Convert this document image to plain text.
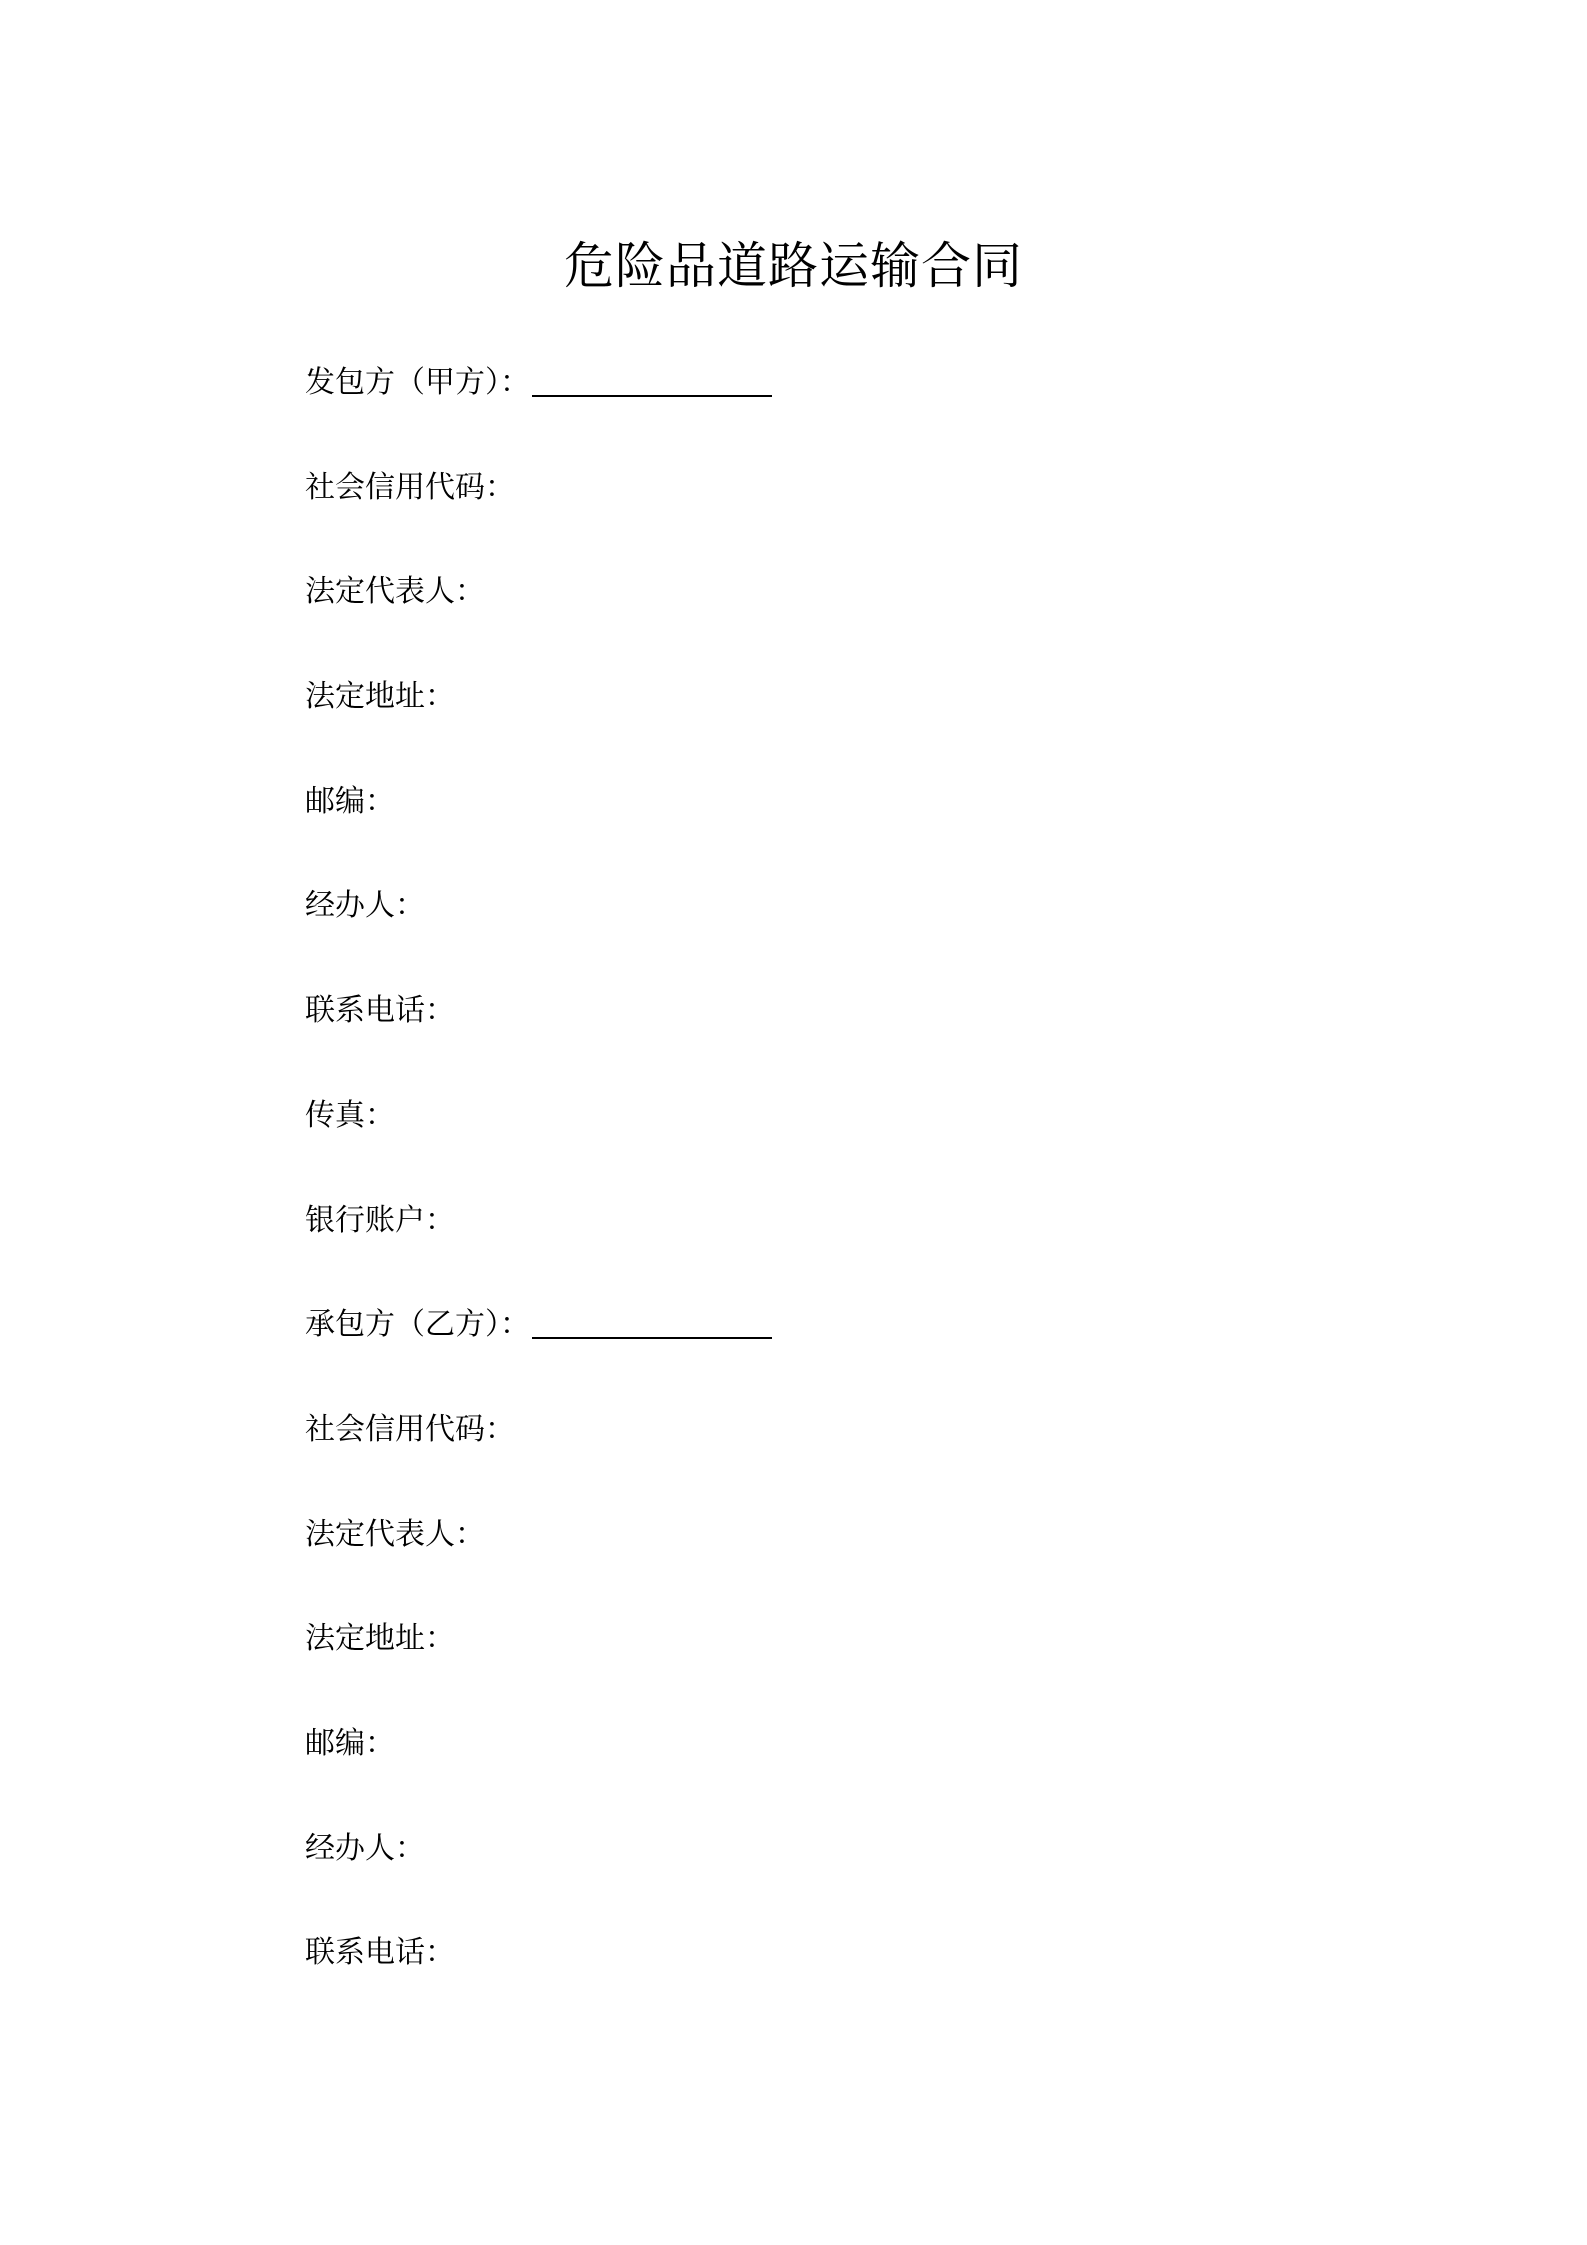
危险品道路运输合同
发包方（甲方）：
社会信用代码：
法定代表人：
法定地址：
邮编：
经办人：
联系电话：
传真：
银行账户：
承包方（乙方）：
社会信用代码：
法定代表人：
法定地址：
邮编：
经办人：
联系电话：
